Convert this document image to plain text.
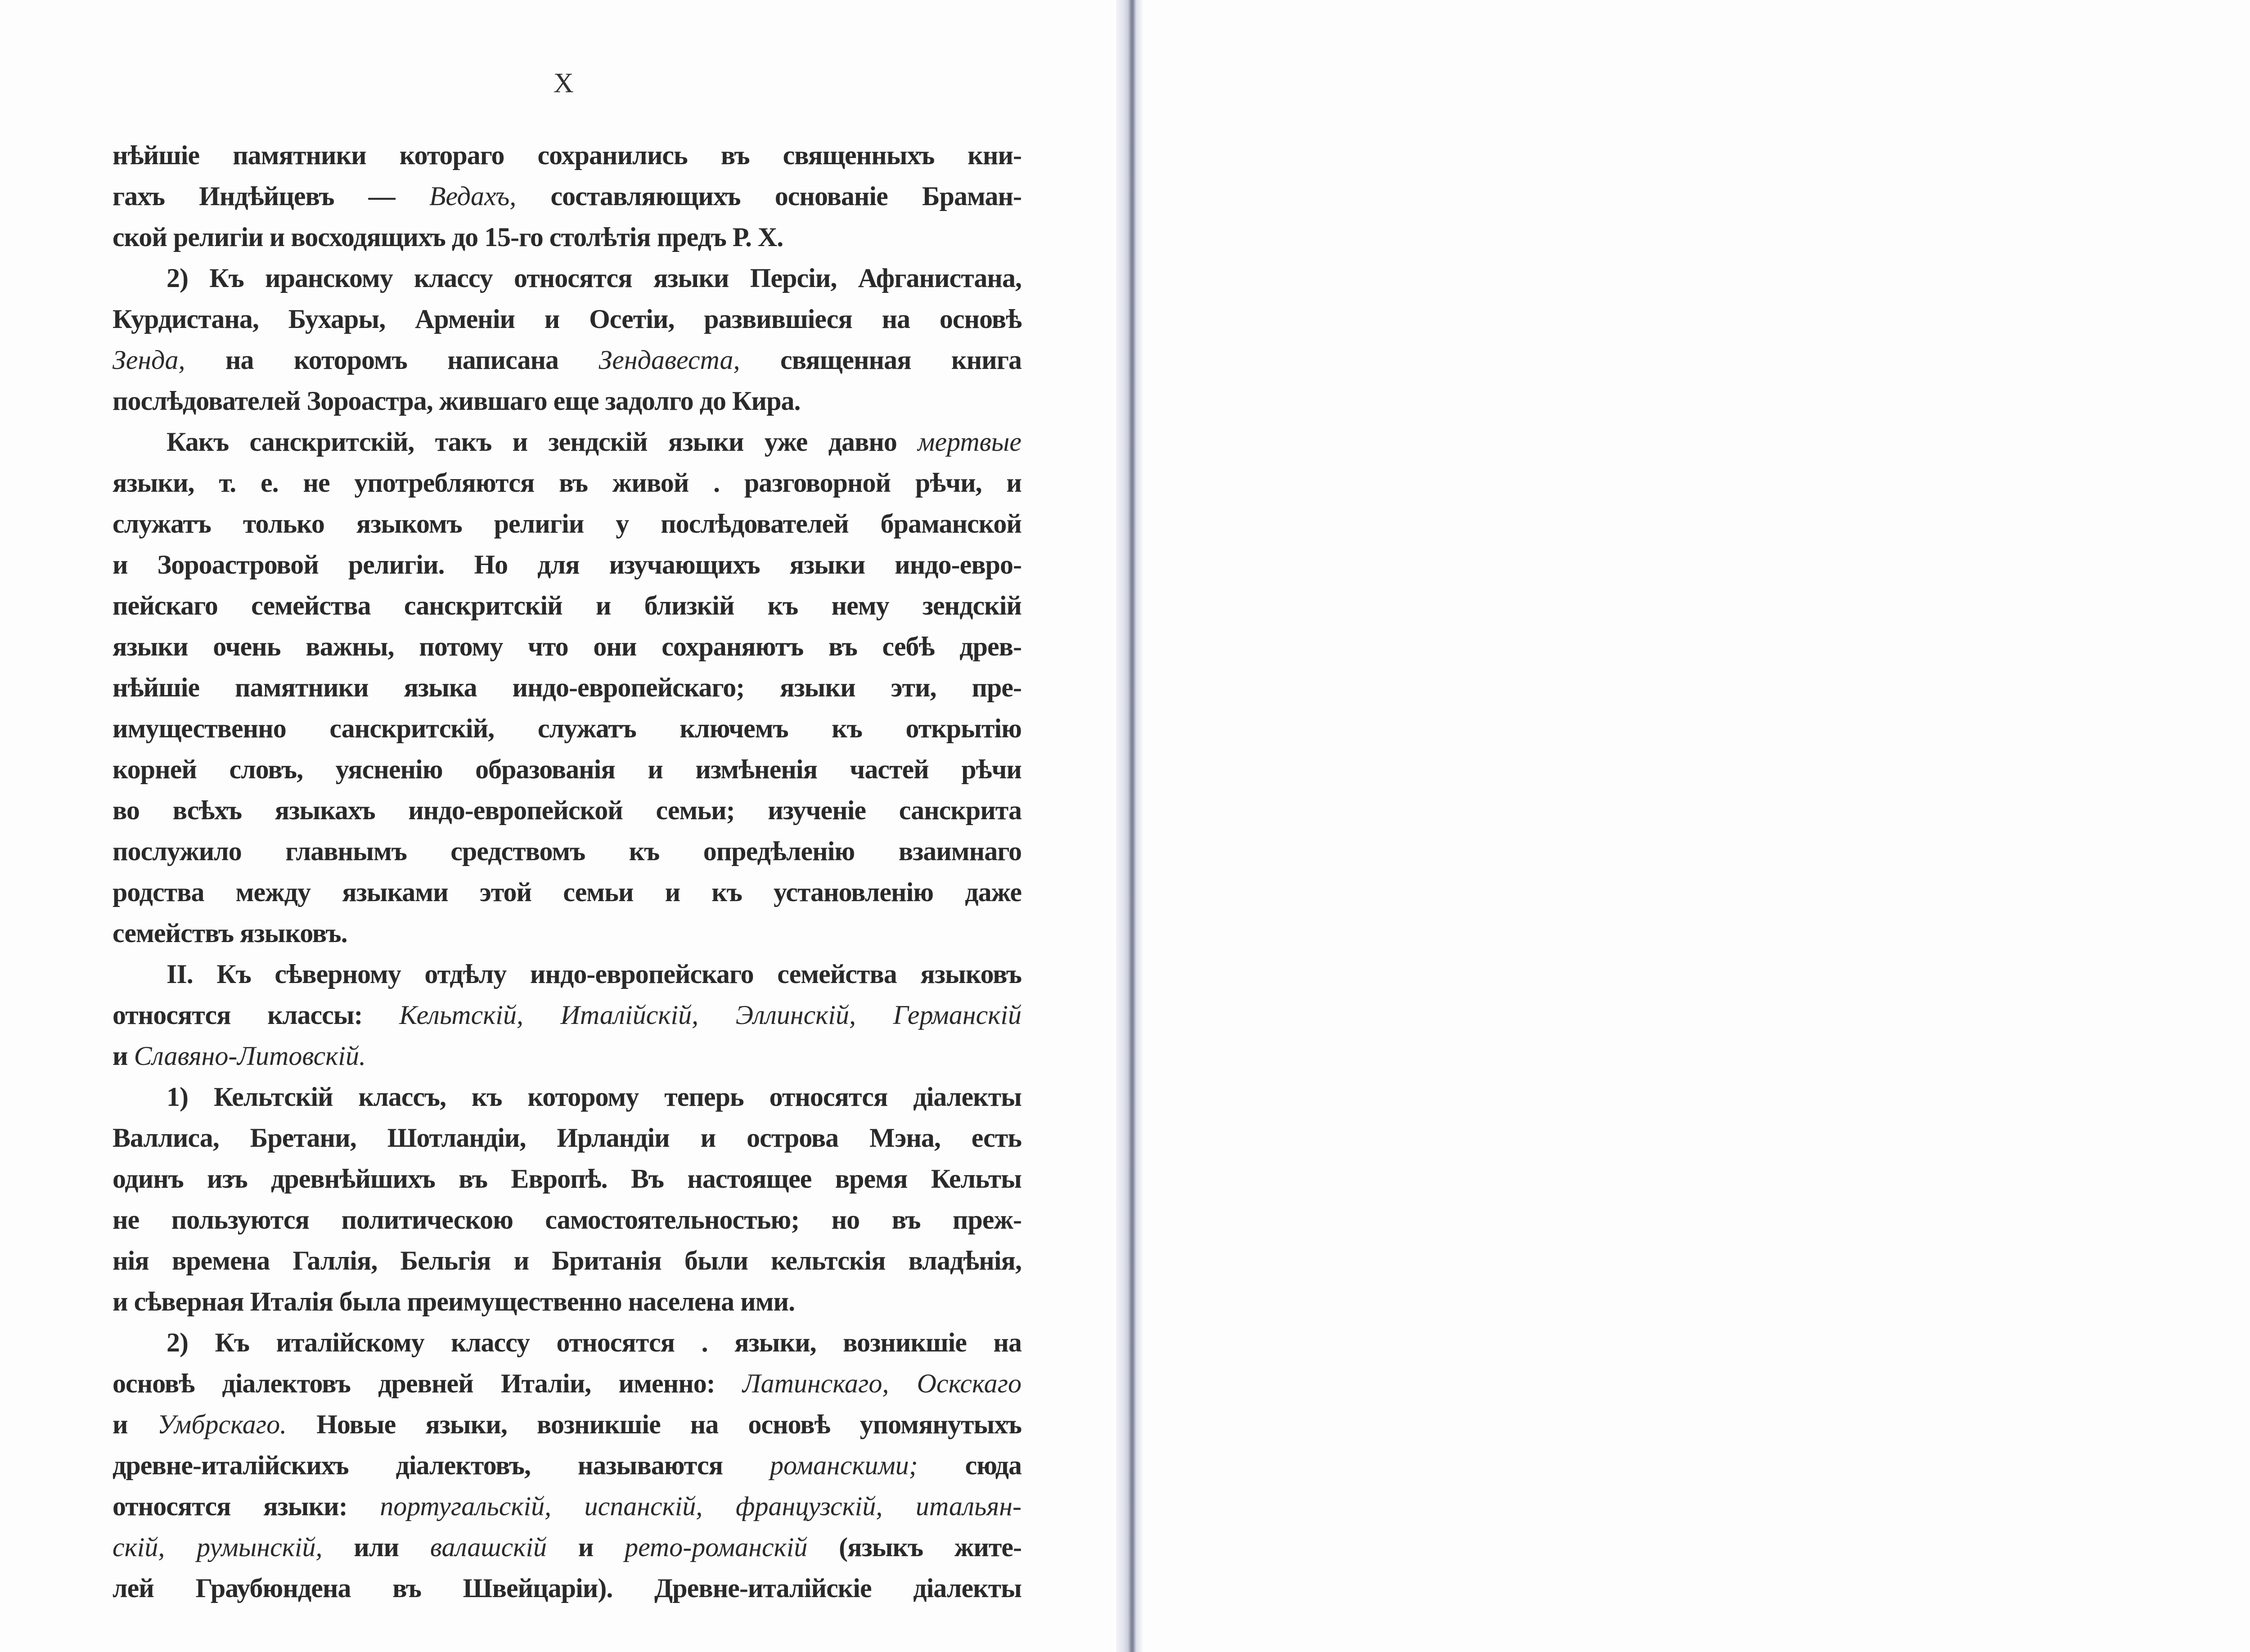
X
нѣйшіе памятники котораго сохранились въ священныхъ кни-
гахъ Индѣйцевъ — Ведахъ, составляющихъ основаніе Браман-
ской религіи и восходящихъ до 15-го столѣтія предъ Р. X.
2) Къ иранскому классу относятся языки Персіи, Афганистана,
Курдистана, Бухары, Арменіи и Осетіи, развившіеся на основѣ
Зенда, на которомъ написана Зендавеста, священная книга
послѣдователей Зороастра, жившаго еще задолго до Кира.
Какъ санскритскій, такъ и зендскій языки уже давно мертвые
языки, т. е. не употребляются въ живой . разговорной рѣчи, и
служатъ только языкомъ религіи у послѣдователей браманской
и Зороастровой религіи. Но для изучающихъ языки индо-евро-
пейскаго семейства санскритскій и близкій къ нему зендскій
языки очень важны, потому что они сохраняютъ въ себѣ древ-
нѣйшіе памятники языка индо-европейскаго; языки эти, пре-
имущественно санскритскій, служатъ ключемъ къ открытію
корней словъ, уясненію образованія и измѣненія частей рѣчи
во всѣхъ языкахъ индо-европейской семьи; изученіе санскрита
послужило главнымъ средствомъ къ опредѣленію взаимнаго
родства между языками этой семьи и къ установленію даже
семействъ языковъ.
II. Къ сѣверному отдѣлу индо-европейскаго семейства языковъ
относятся классы: Кельтскій, Италійскій, Эллинскій, Германскій
и Славяно-Литовскій.
1) Кельтскій классъ, къ которому теперь относятся діалекты
Валлиса, Бретани, Шотландіи, Ирландіи и острова Мэна, есть
одинъ изъ древнѣйшихъ въ Европѣ. Въ настоящее время Кельты
не пользуются политическою самостоятельностью; но въ преж-
нія времена Галлія, Бельгія и Британія были кельтскія владѣнія,
и сѣверная Италія была преимущественно населена ими.
2) Къ италійскому классу относятся . языки, возникшіе на
основѣ діалектовъ древней Италіи, именно: Латинскаго, Оскскаго
и Умбрскаго. Новые языки, возникшіе на основѣ упомянутыхъ
древне-италійскихъ діалектовъ, называются романскими; сюда
относятся языки: португальскій, испанскій, французскій, итальян-
скій, румынскій, или валашскій и рето-романскій (языкъ жите-
лей Граубюндена въ Швейцаріи). Древне-италійскіе діалекты
